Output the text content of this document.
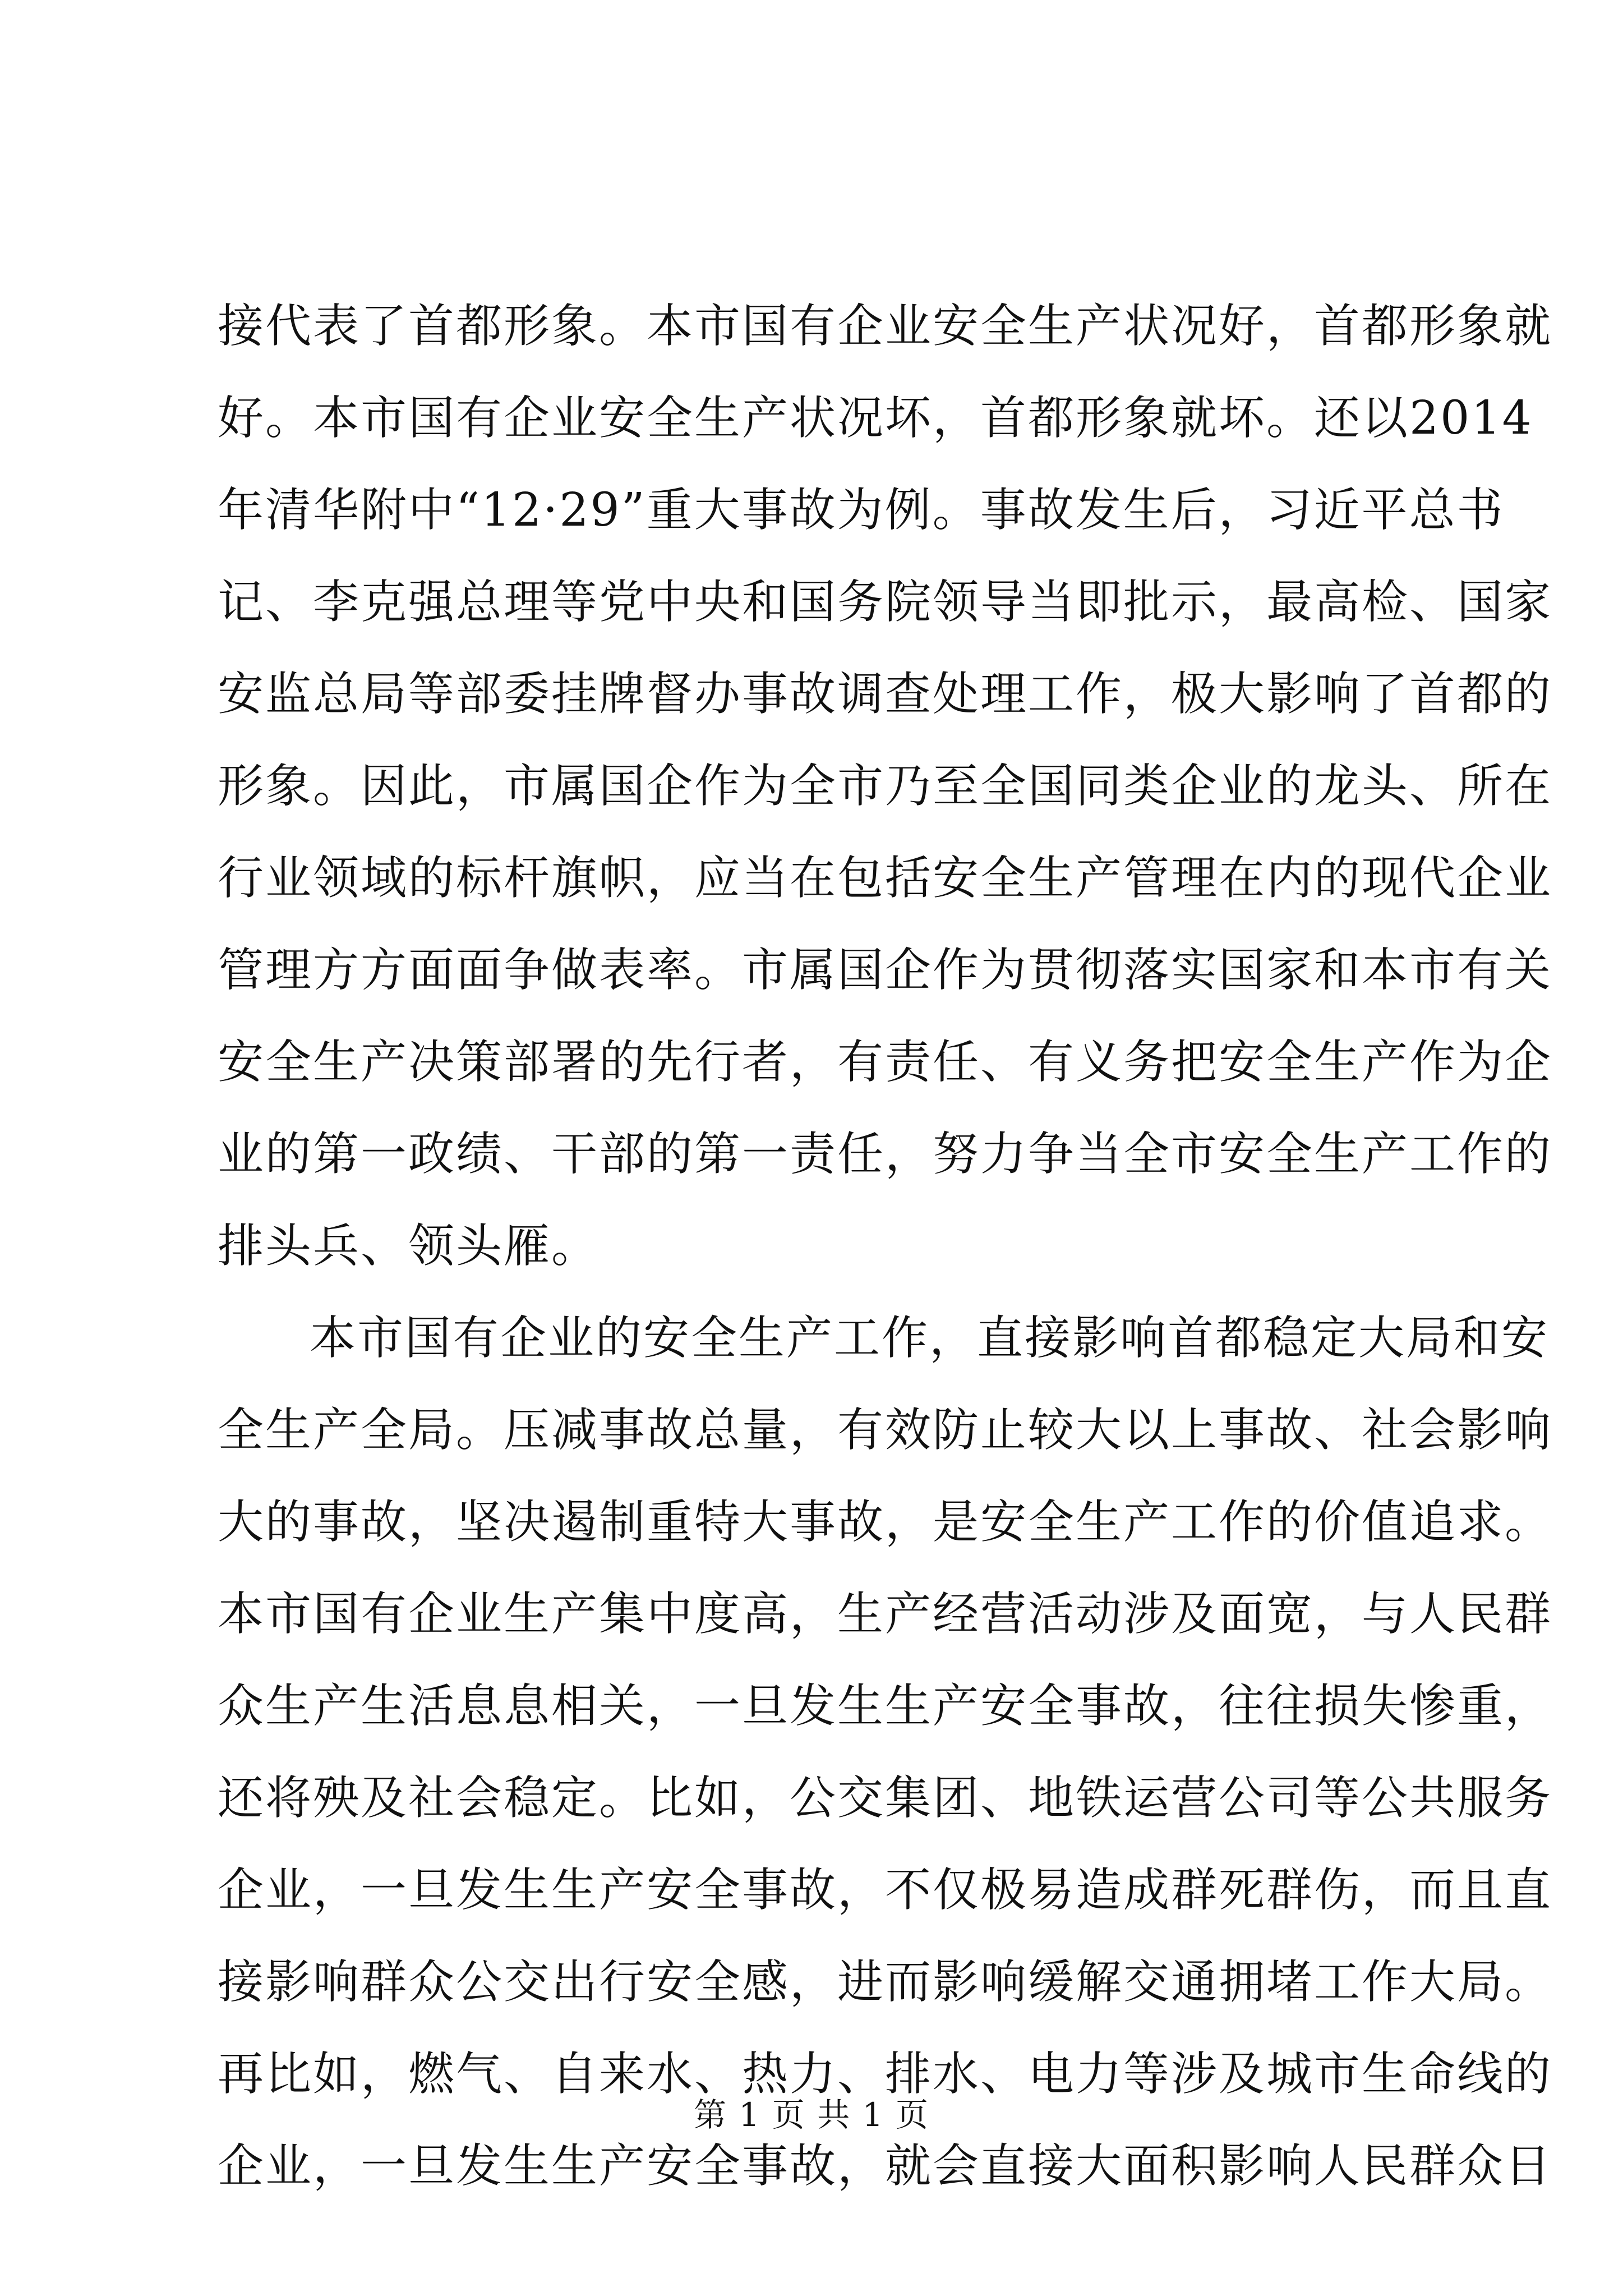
接代表了首都形象。本市国有企业安全生产状况好，首都形象就
好。本市国有企业安全生产状况坏，首都形象就坏。还以2014
年清华附中“12·29”重大事故为例。事故发生后，习近平总书
记、李克强总理等党中央和国务院领导当即批示，最高检、国家
安监总局等部委挂牌督办事故调查处理工作，极大影响了首都的
形象。因此，市属国企作为全市乃至全国同类企业的龙头、所在
行业领域的标杆旗帜，应当在包括安全生产管理在内的现代企业
管理方方面面争做表率。市属国企作为贯彻落实国家和本市有关
安全生产决策部署的先行者，有责任、有义务把安全生产作为企
业的第一政绩、干部的第一责任，努力争当全市安全生产工作的
排头兵、领头雁。
本市国有企业的安全生产工作，直接影响首都稳定大局和安
全生产全局。压减事故总量，有效防止较大以上事故、社会影响
大的事故，坚决遏制重特大事故，是安全生产工作的价值追求。
本市国有企业生产集中度高，生产经营活动涉及面宽，与人民群
众生产生活息息相关，一旦发生生产安全事故，往往损失惨重，
还将殃及社会稳定。比如，公交集团、地铁运营公司等公共服务
企业，一旦发生生产安全事故，不仅极易造成群死群伤，而且直
接影响群众公交出行安全感，进而影响缓解交通拥堵工作大局。
再比如，燃气、自来水、热力、排水、电力等涉及城市生命线的
企业，一旦发生生产安全事故，就会直接大面积影响人民群众日
第 1 页 共 1 页
